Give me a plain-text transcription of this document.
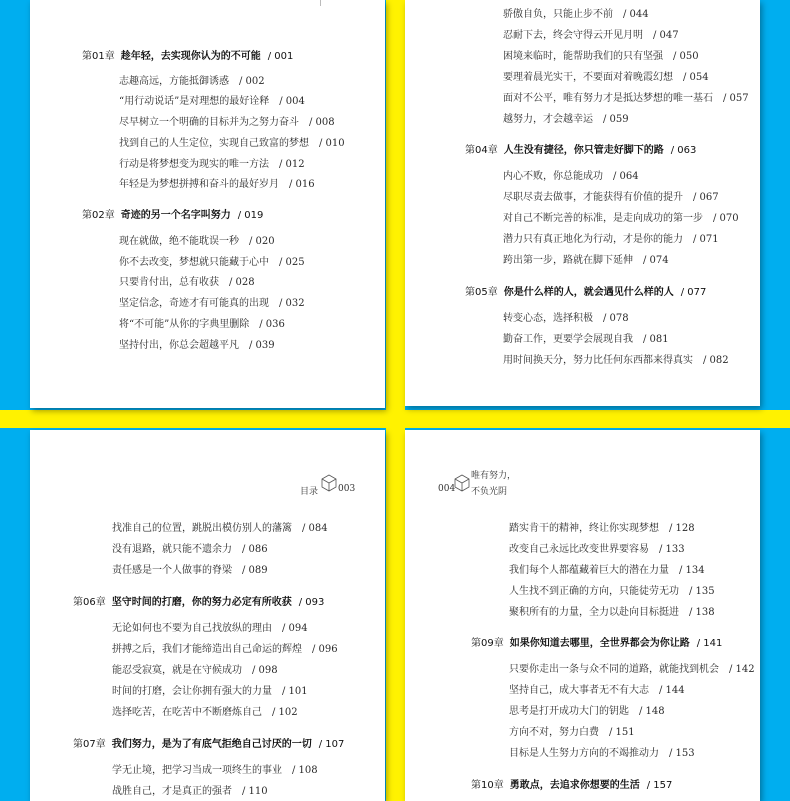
第01章 趁年轻，去实现你认为的不可能 / 001
志趣高远，方能抵御诱惑　/ 002
“用行动说话”是对理想的最好诠释　/ 004
尽早树立一个明确的目标并为之努力奋斗　/ 008
找到自己的人生定位，实现自己致富的梦想　/ 010
行动是将梦想变为现实的唯一方法　/ 012
年轻是为梦想拼搏和奋斗的最好岁月　/ 016
第02章 奇迹的另一个名字叫努力 / 019
现在就做，绝不能耽误一秒　/ 020
你不去改变，梦想就只能藏于心中　/ 025
只要肯付出，总有收获　/ 028
坚定信念，奇迹才有可能真的出现　/ 032
将“不可能”从你的字典里删除　/ 036
坚持付出，你总会超越平凡　/ 039
骄傲自负，只能止步不前　/ 044
忍耐下去，终会守得云开见月明　/ 047
困境来临时，能帮助我们的只有坚强　/ 050
要理着晨光实干，不要面对着晚霞幻想　/ 054
面对不公平，唯有努力才是抵达梦想的唯一基石　/ 057
越努力，才会越幸运　/ 059
第04章 人生没有捷径，你只管走好脚下的路 / 063
内心不败，你总能成功　/ 064
尽职尽责去做事，才能获得有价值的提升　/ 067
对自己不断完善的标准，是走向成功的第一步　/ 070
潜力只有真正地化为行动，才是你的能力　/ 071
跨出第一步，路就在脚下延伸　/ 074
第05章 你是什么样的人，就会遇见什么样的人 / 077
转变心态，选择积极　/ 078
勤奋工作，更要学会展现自我　/ 081
用时间换天分，努力比任何东西都来得真实　/ 082
目录 003
找准自己的位置，跳脱出模仿别人的藩篱　/ 084
没有退路，就只能不遗余力　/ 086
责任感是一个人做事的脊梁　/ 089
第06章 坚守时间的打磨，你的努力必定有所收获 / 093
无论如何也不要为自己找放纵的理由　/ 094
拼搏之后，我们才能缔造出自己命运的辉煌　/ 096
能忍受寂寞，就是在守候成功　/ 098
时间的打磨，会让你拥有强大的力量　/ 101
选择吃苦，在吃苦中不断磨炼自己　/ 102
第07章 我们努力，是为了有底气拒绝自己讨厌的一切 / 107
学无止境，把学习当成一项终生的事业　/ 108
战胜自己，才是真正的强者　/ 110
004
唯有努力，
不负光阴
踏实肯干的精神，终让你实现梦想　/ 128
改变自己永远比改变世界要容易　/ 133
我们每个人都蕴藏着巨大的潜在力量　/ 134
人生找不到正确的方向，只能徒劳无功　/ 135
聚积所有的力量，全力以赴向目标挺进　/ 138
第09章 如果你知道去哪里，全世界都会为你让路 / 141
只要你走出一条与众不同的道路，就能找到机会　/ 142
坚持自己，成大事者无不有大志　/ 144
思考是打开成功大门的钥匙　/ 148
方向不对，努力白费　/ 151
目标是人生努力方向的不竭推动力　/ 153
第10章 勇敢点，去追求你想要的生活 / 157
